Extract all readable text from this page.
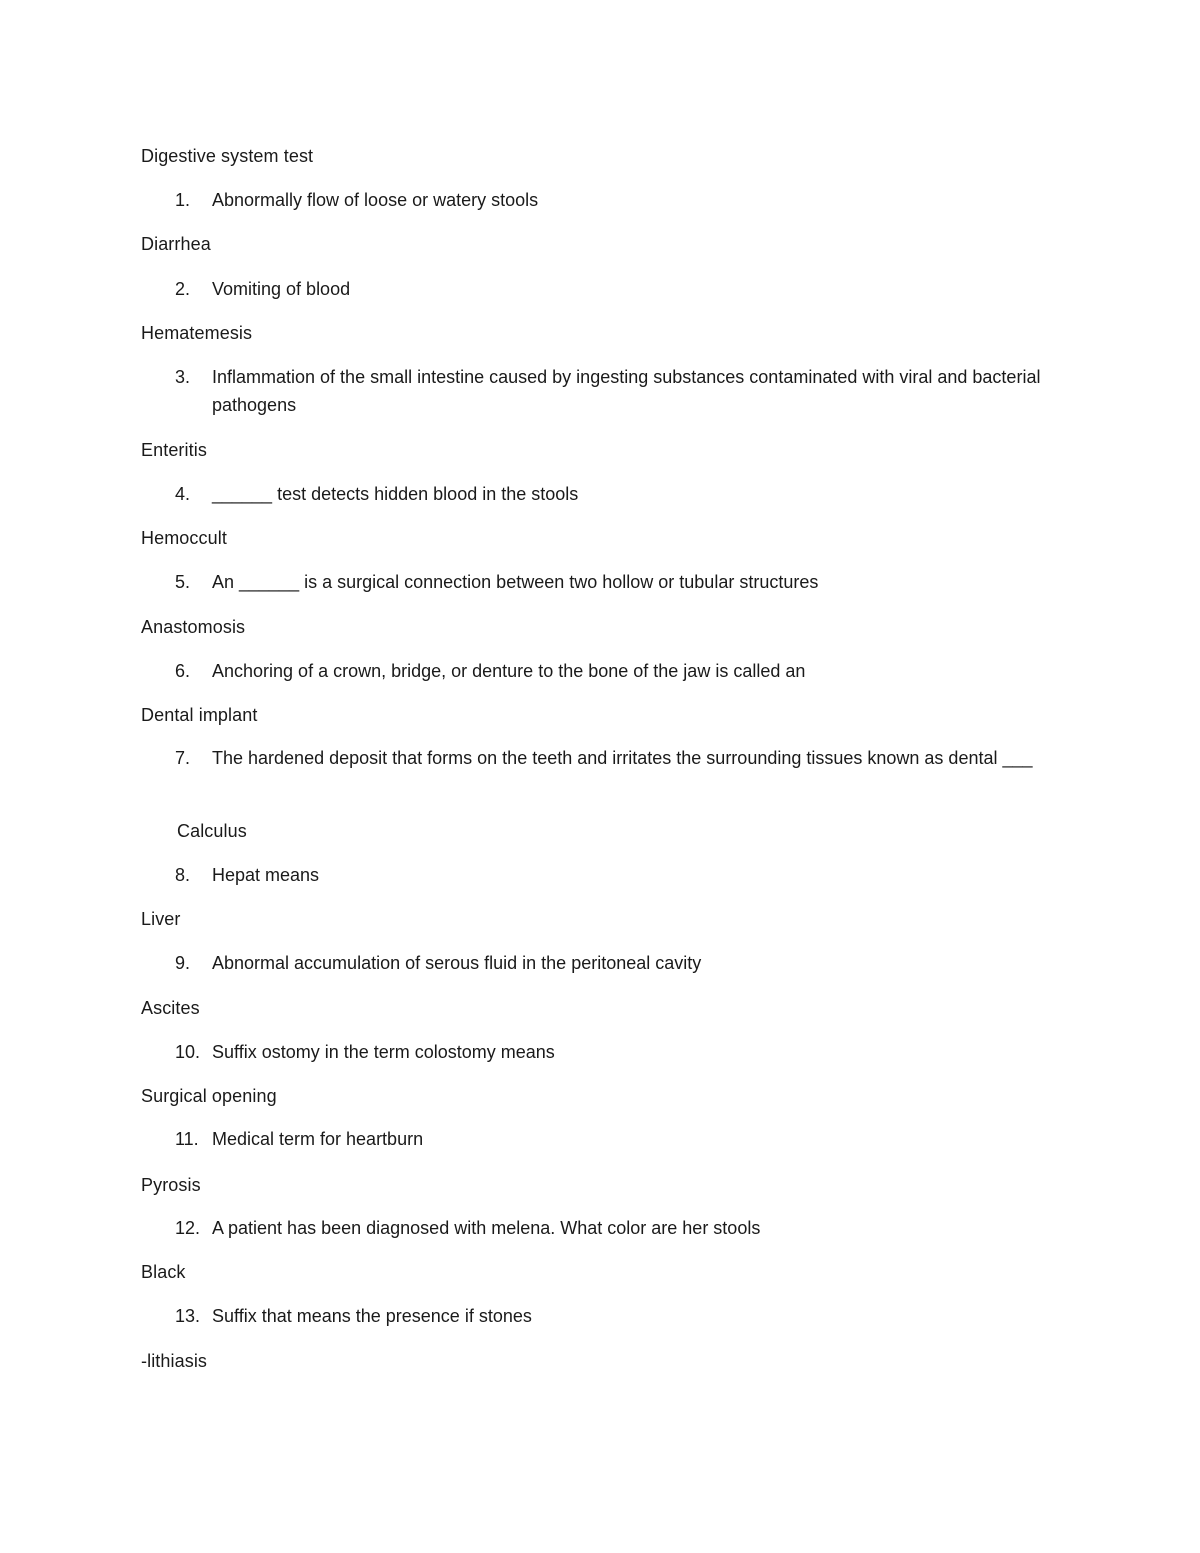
Digestive system test
1. Abnormally flow of loose or watery stools
Diarrhea
2. Vomiting of blood
Hematemesis
3. Inflammation of the small intestine caused by ingesting substances contaminated with viral and bacterial pathogens
Enteritis
4. ______ test detects hidden blood in the stools
Hemoccult
5. An ______ is a surgical connection between two hollow or tubular structures
Anastomosis
6. Anchoring of a crown, bridge, or denture to the bone of the jaw is called an
Dental implant
7. The hardened deposit that forms on the teeth and irritates the surrounding tissues known as dental ___
Calculus
8. Hepat means
Liver
9. Abnormal accumulation of serous fluid in the peritoneal cavity
Ascites
10. Suffix ostomy in the term colostomy means
Surgical opening
11. Medical term for heartburn
Pyrosis
12. A patient has been diagnosed with melena. What color are her stools
Black
13. Suffix that means the presence if stones
-lithiasis
